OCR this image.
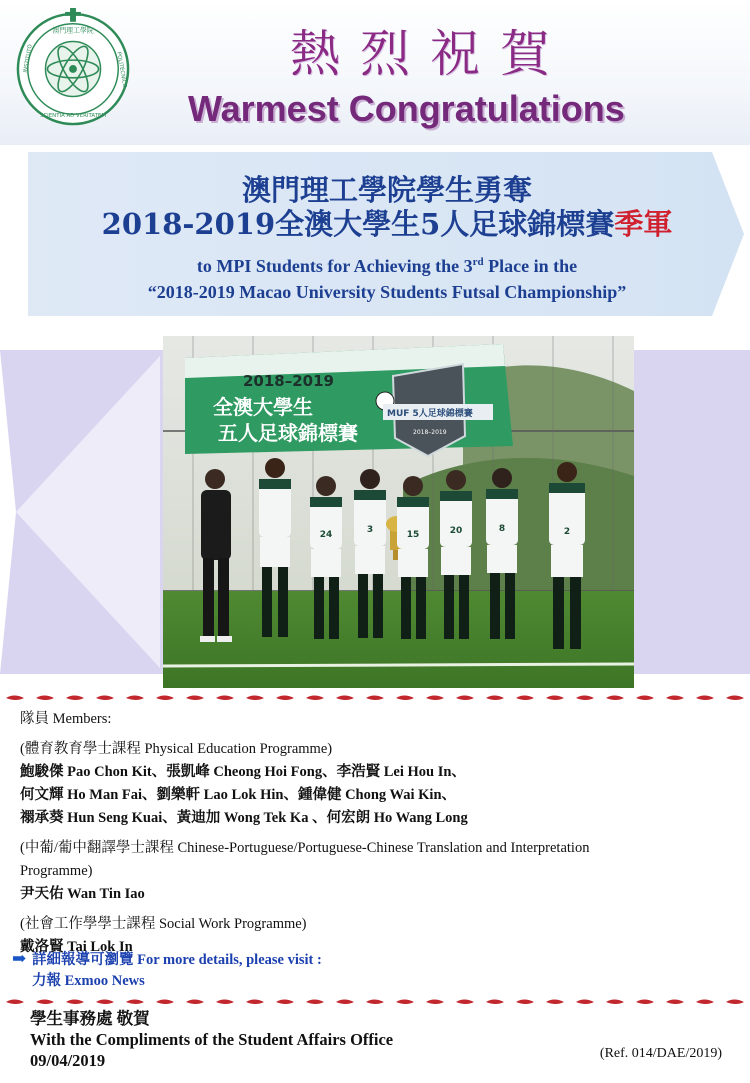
澳門理工學院
SCIENTIA AD VERITATEM
INSTITUTO	POLITÉCNICO	熱烈祝賀
Warmest Congratulations
澳門理工學院學生勇奪
2018-2019全澳大學生5人足球錦標賽季軍
to MPI Students for Achieving the 3rd Place in the
“2018-2019 Macao University Students Futsal Championship”
2018–2019
全澳大學生
五人足球錦標賽
MUF 5人足球錦標賽
2018–2019
24	3	15	20	8	2
隊員 Members:
(體育教育學士課程 Physical Education Programme)
鮑駿傑 Pao Chon Kit、張凱峰 Cheong Hoi Fong、李浩賢 Lei Hou In、
何文輝 Ho Man Fai、劉樂軒 Lao Lok Hin、鍾偉健 Chong Wai Kin、
禤承葵 Hun Seng Kuai、黃迪加 Wong Tek Ka 、何宏朗 Ho Wang Long
(中葡/葡中翻譯學士課程 Chinese-Portuguese/Portuguese-Chinese Translation and Interpretation
Programme)
尹天佑 Wan Tin Iao
(社會工作學學士課程 Social Work Programme)
戴洛賢 Tai Lok In
➡ 詳細報導可瀏覽 For more details, please visit :
力報 Exmoo News
學生事務處 敬賀
With the Compliments of the Student Affairs Office
09/04/2019	(Ref. 014/DAE/2019)
